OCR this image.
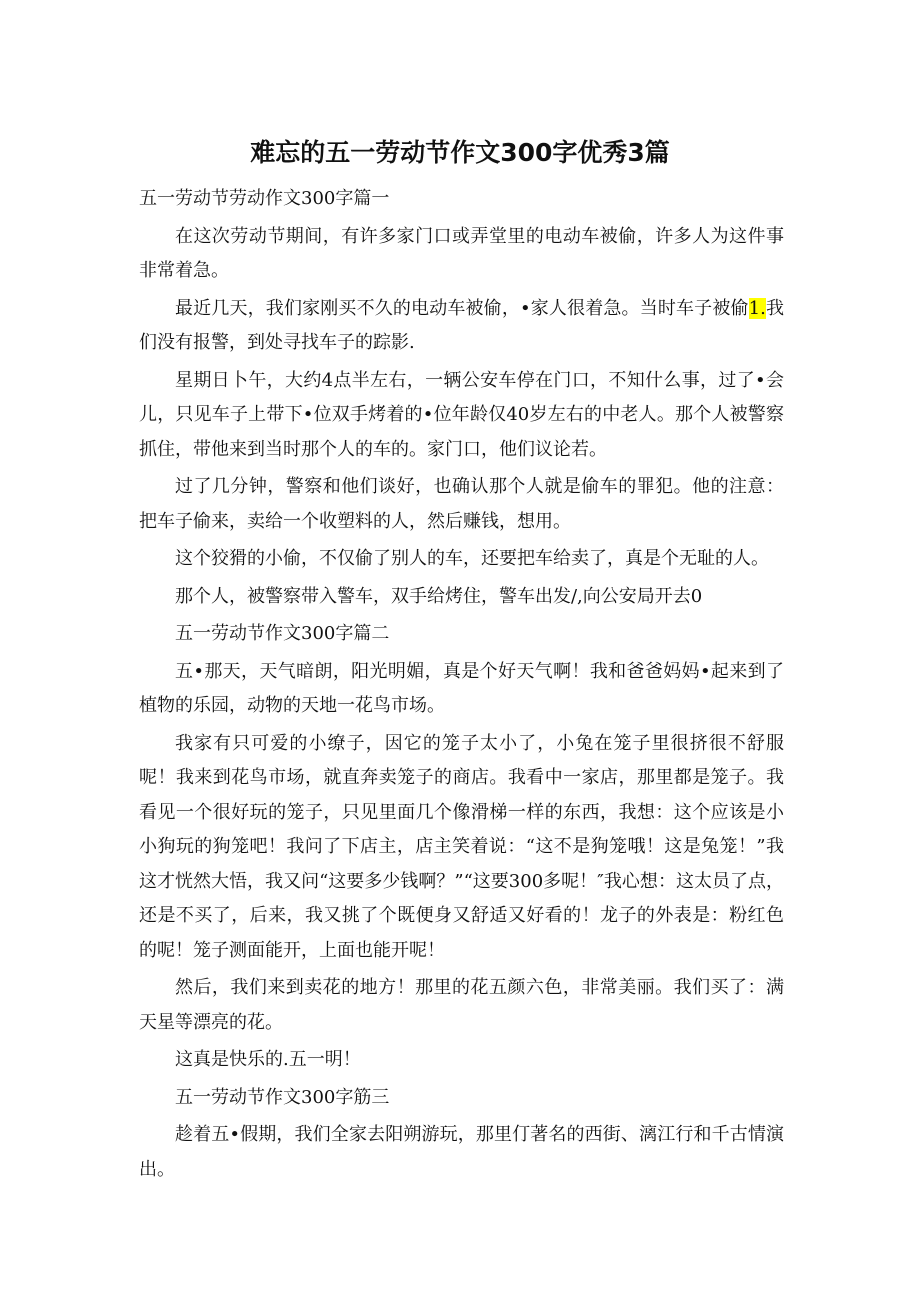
难忘的五一劳动节作文300字优秀3篇

五一劳动节劳动作文300字篇一

在这次劳动节期间，有许多家门口或弄堂里的电动车被偷，许多人为这件事非常着急。

最近几天，我们家刚买不久的电动车被偷，•家人很着急。当时车子被偷1.我们没有报警，到处寻找车子的踪影.

星期日卜午，大约4点半左右，一辆公安车停在门口，不知什么事，过了•会儿，只见车子上带下•位双手烤着的•位年龄仅40岁左右的中老人。那个人被警察抓住，带他来到当时那个人的车的。家门口，他们议论若。

过了几分钟，警察和他们谈好，也确认那个人就是偷车的罪犯。他的注意：把车子偷来，卖给一个收塑料的人，然后赚钱，想用。

这个狡猾的小偷，不仅偷了别人的车，还要把车给卖了，真是个无耻的人。

那个人，被警察带入警车，双手给烤住，警车出发/,向公安局开去0

五一劳动节作文300字篇二

五•那天，天气暗朗，阳光明媚，真是个好天气啊！我和爸爸妈妈•起来到了植物的乐园，动物的天地一花鸟市场。

我家有只可爱的小缭子，因它的笼子太小了，小兔在笼子里很挤很不舒服呢！我来到花鸟市场，就直奔卖笼子的商店。我看中一家店，那里都是笼子。我看见一个很好玩的笼子，只见里面几个像滑梯一样的东西，我想：这个应该是小小狗玩的狗笼吧！我问了下店主，店主笑着说：“这不是狗笼哦！这是兔笼！”我这才恍然大悟，我又问“这要多少钱啊？”“这要300多呢！″我心想：这太员了点，还是不买了，后来，我又挑了个既便身又舒适又好看的！龙子的外表是：粉红色的呢！笼子测面能开，上面也能开呢！

然后，我们来到卖花的地方！那里的花五颜六色，非常美丽。我们买了：满天星等漂亮的花。

这真是快乐的.五一明！

五一劳动节作文300字筋三

趁着五•假期，我们全家去阳朔游玩，那里仃著名的西街、漓江行和千古情演出。
